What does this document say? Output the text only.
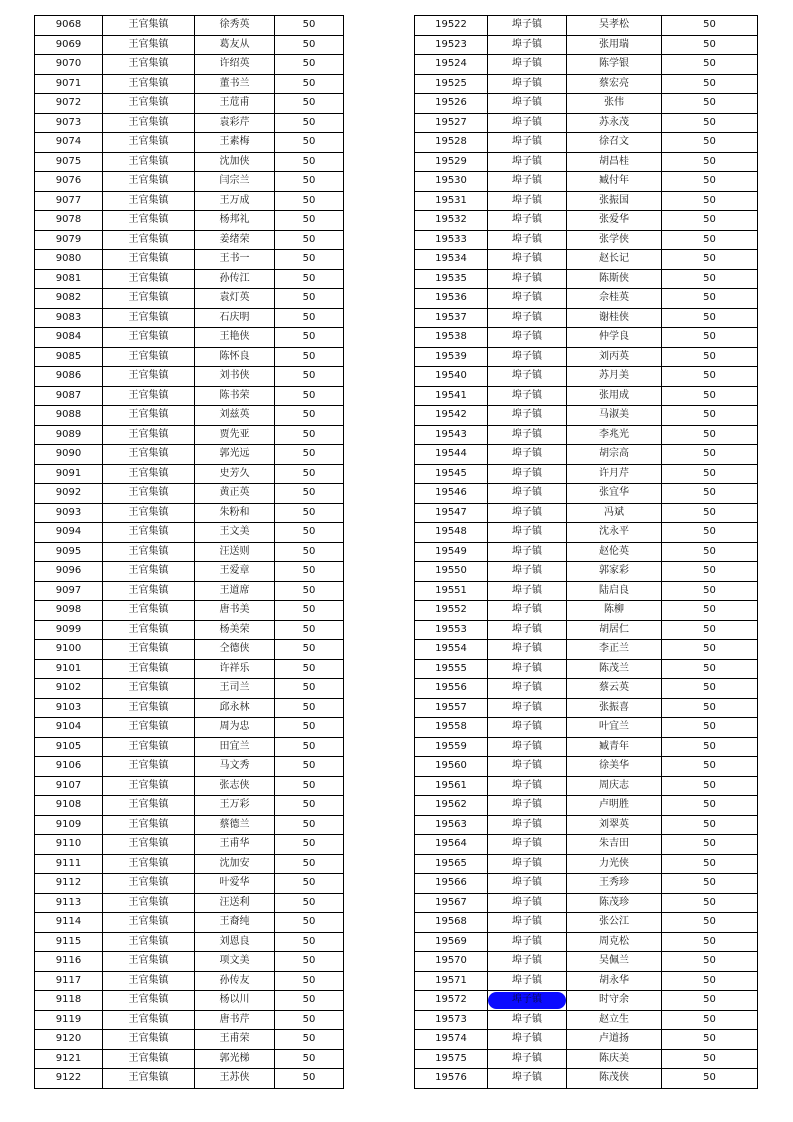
9068	王官集镇	徐秀英	50
9069	王官集镇	葛友从	50
9070	王官集镇	许绍英	50
9071	王官集镇	董书兰	50
9072	王官集镇	王苊甫	50
9073	王官集镇	袁彩芹	50
9074	王官集镇	王素梅	50
9075	王官集镇	沈加侠	50
9076	王官集镇	闫宗兰	50
9077	王官集镇	王万成	50
9078	王官集镇	杨邦礼	50
9079	王官集镇	姜绪荣	50
9080	王官集镇	王书一	50
9081	王官集镇	孙传江	50
9082	王官集镇	袁灯英	50
9083	王官集镇	石庆明	50
9084	王官集镇	王艳侠	50
9085	王官集镇	陈怀良	50
9086	王官集镇	刘书侠	50
9087	王官集镇	陈书荣	50
9088	王官集镇	刘兹英	50
9089	王官集镇	贾先亚	50
9090	王官集镇	郭光远	50
9091	王官集镇	史芳久	50
9092	王官集镇	黄正英	50
9093	王官集镇	朱粉和	50
9094	王官集镇	王文美	50
9095	王官集镇	汪送则	50
9096	王官集镇	王爱章	50
9097	王官集镇	王道席	50
9098	王官集镇	唐书美	50
9099	王官集镇	杨美荣	50
9100	王官集镇	仝德侠	50
9101	王官集镇	许祥乐	50
9102	王官集镇	王司兰	50
9103	王官集镇	邱永林	50
9104	王官集镇	周为忠	50
9105	王官集镇	田宜兰	50
9106	王官集镇	马文秀	50
9107	王官集镇	张志侠	50
9108	王官集镇	王万彩	50
9109	王官集镇	蔡德兰	50
9110	王官集镇	王甫华	50
9111	王官集镇	沈加安	50
9112	王官集镇	叶爱华	50
9113	王官集镇	汪送利	50
9114	王官集镇	王裔纯	50
9115	王官集镇	刘恩良	50
9116	王官集镇	项文美	50
9117	王官集镇	孙传友	50
9118	王官集镇	杨以川	50
9119	王官集镇	唐书芹	50
9120	王官集镇	王甫荣	50
9121	王官集镇	郭光梯	50
9122	王官集镇	王苏侠	50
19522	埠子镇	吴孝松	50
19523	埠子镇	张用瑞	50
19524	埠子镇	陈学银	50
19525	埠子镇	蔡宏亮	50
19526	埠子镇	张伟	50
19527	埠子镇	苏永茂	50
19528	埠子镇	徐召文	50
19529	埠子镇	胡昌桂	50
19530	埠子镇	臧付年	50
19531	埠子镇	张振国	50
19532	埠子镇	张爱华	50
19533	埠子镇	张学侠	50
19534	埠子镇	赵长记	50
19535	埠子镇	陈斯侠	50
19536	埠子镇	佘桂英	50
19537	埠子镇	谢桂侠	50
19538	埠子镇	仲学良	50
19539	埠子镇	刘丙英	50
19540	埠子镇	苏月美	50
19541	埠子镇	张用成	50
19542	埠子镇	马淑美	50
19543	埠子镇	李兆光	50
19544	埠子镇	胡宗高	50
19545	埠子镇	许月芹	50
19546	埠子镇	张宜华	50
19547	埠子镇	冯斌	50
19548	埠子镇	沈永平	50
19549	埠子镇	赵伦英	50
19550	埠子镇	郭家彩	50
19551	埠子镇	陆启良	50
19552	埠子镇	陈柳	50
19553	埠子镇	胡居仁	50
19554	埠子镇	李正兰	50
19555	埠子镇	陈茂兰	50
19556	埠子镇	蔡云英	50
19557	埠子镇	张振喜	50
19558	埠子镇	叶宜兰	50
19559	埠子镇	臧青年	50
19560	埠子镇	徐美华	50
19561	埠子镇	周庆志	50
19562	埠子镇	卢明胜	50
19563	埠子镇	刘翠英	50
19564	埠子镇	朱吉田	50
19565	埠子镇	力光侠	50
19566	埠子镇	王秀珍	50
19567	埠子镇	陈茂珍	50
19568	埠子镇	张公江	50
19569	埠子镇	周克松	50
19570	埠子镇	吴佩兰	50
19571	埠子镇	胡永华	50
19572	埠子镇	时守余	50
19573	埠子镇	赵立生	50
19574	埠子镇	卢道扬	50
19575	埠子镇	陈庆美	50
19576	埠子镇	陈茂侠	50
